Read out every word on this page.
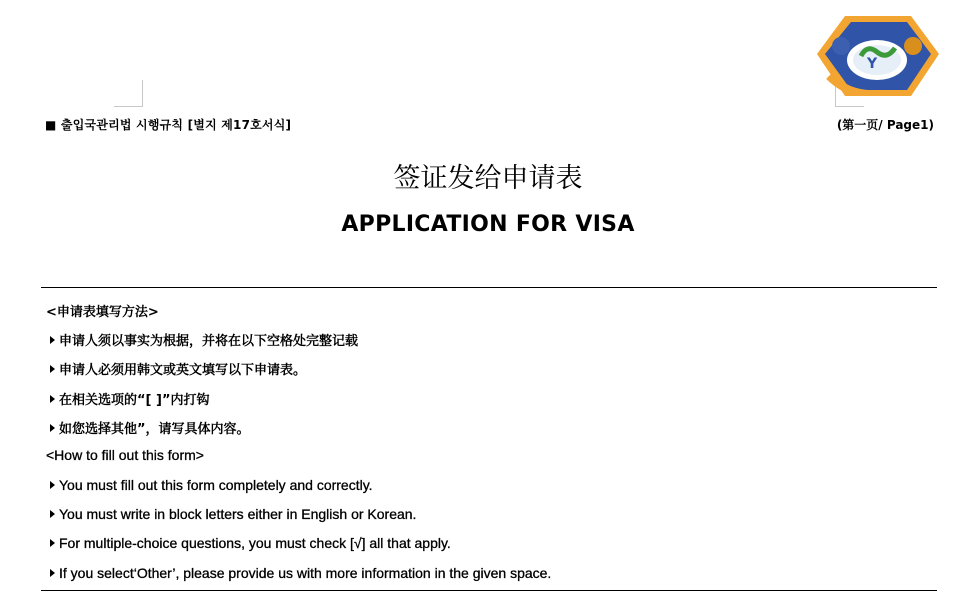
Y
■ 출입국관리법 시행규칙 [별지 제17호서식]	(第一页/ Page1)
签证发给申请表
APPLICATION FOR VISA
<申请表填写方法>
申请人须以事实为根据，并将在以下空格处完整记载
申请人必须用韩文或英文填写以下申请表。
在相关选项的“[ ]”内打钩
如您选择其他”，请写具体内容。
<How to fill out this form>
You must fill out this form completely and correctly.
You must write in block letters either in English or Korean.
For multiple-choice questions, you must check [√] all that apply.
If you select‘Other’, please provide us with more information in the given space.
